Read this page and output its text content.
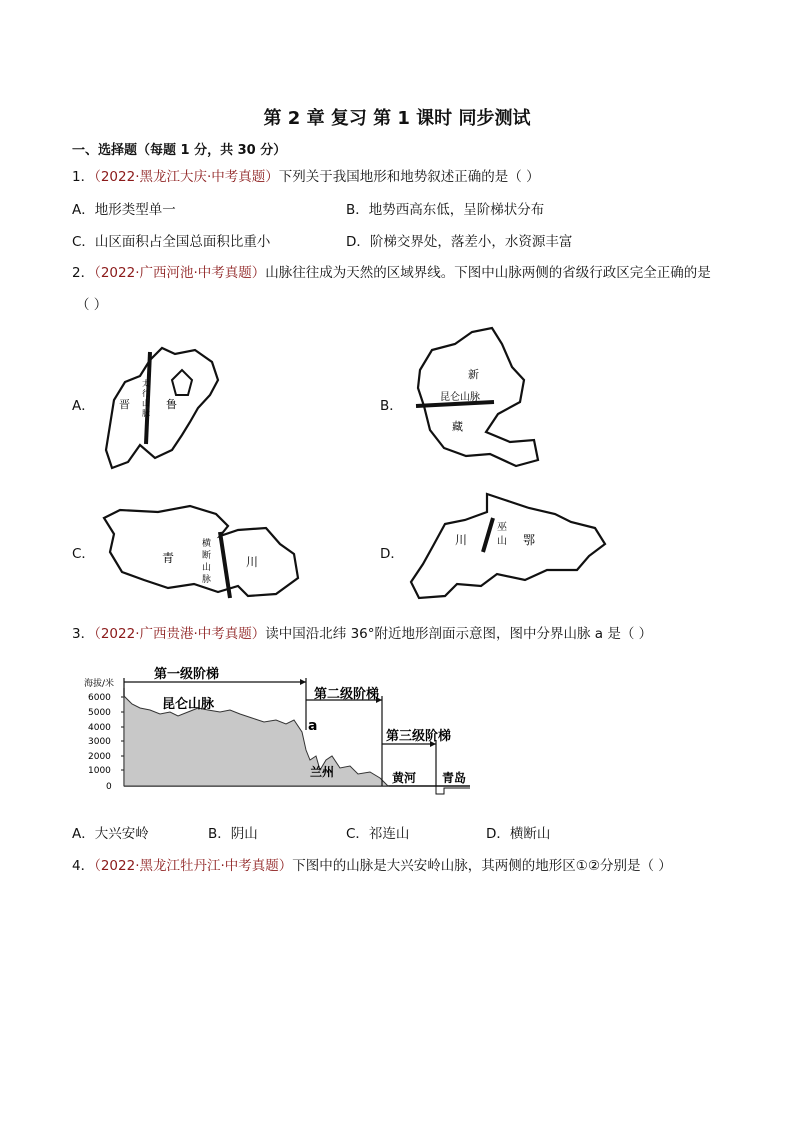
第 2 章 复习 第 1 课时 同步测试
一、选择题（每题 1 分，共 30 分）
1．（2022·黑龙江大庆·中考真题）下列关于我国地形和地势叙述正确的是（ ）
A．地形类型单一	B．地势西高东低，呈阶梯状分布
C．山区面积占全国总面积比重小	D．阶梯交界处，落差小，水资源丰富
2．（2022·广西河池·中考真题）山脉往往成为天然的区域界线。下图中山脉两侧的省级行政区完全正确的是
（ ）
A．	B．
C．	D．
晋	鲁
太
行
山
脉
新
昆仑山脉
藏
青	川
横
断
山
脉
川	鄂
巫
山
3．（2022·广西贵港·中考真题）读中国沿北纬 36°附近地形剖面示意图，图中分界山脉 a 是（ ）
海拔/米
6000
5000
4000
3000
2000
1000
0
第一级阶梯
第二级阶梯
第三级阶梯
昆仑山脉
a
兰州	黄河 青岛
A．大兴安岭	B．阴山	C．祁连山	D．横断山
4．（2022·黑龙江牡丹江·中考真题）下图中的山脉是大兴安岭山脉，其两侧的地形区①②分别是（ ）
